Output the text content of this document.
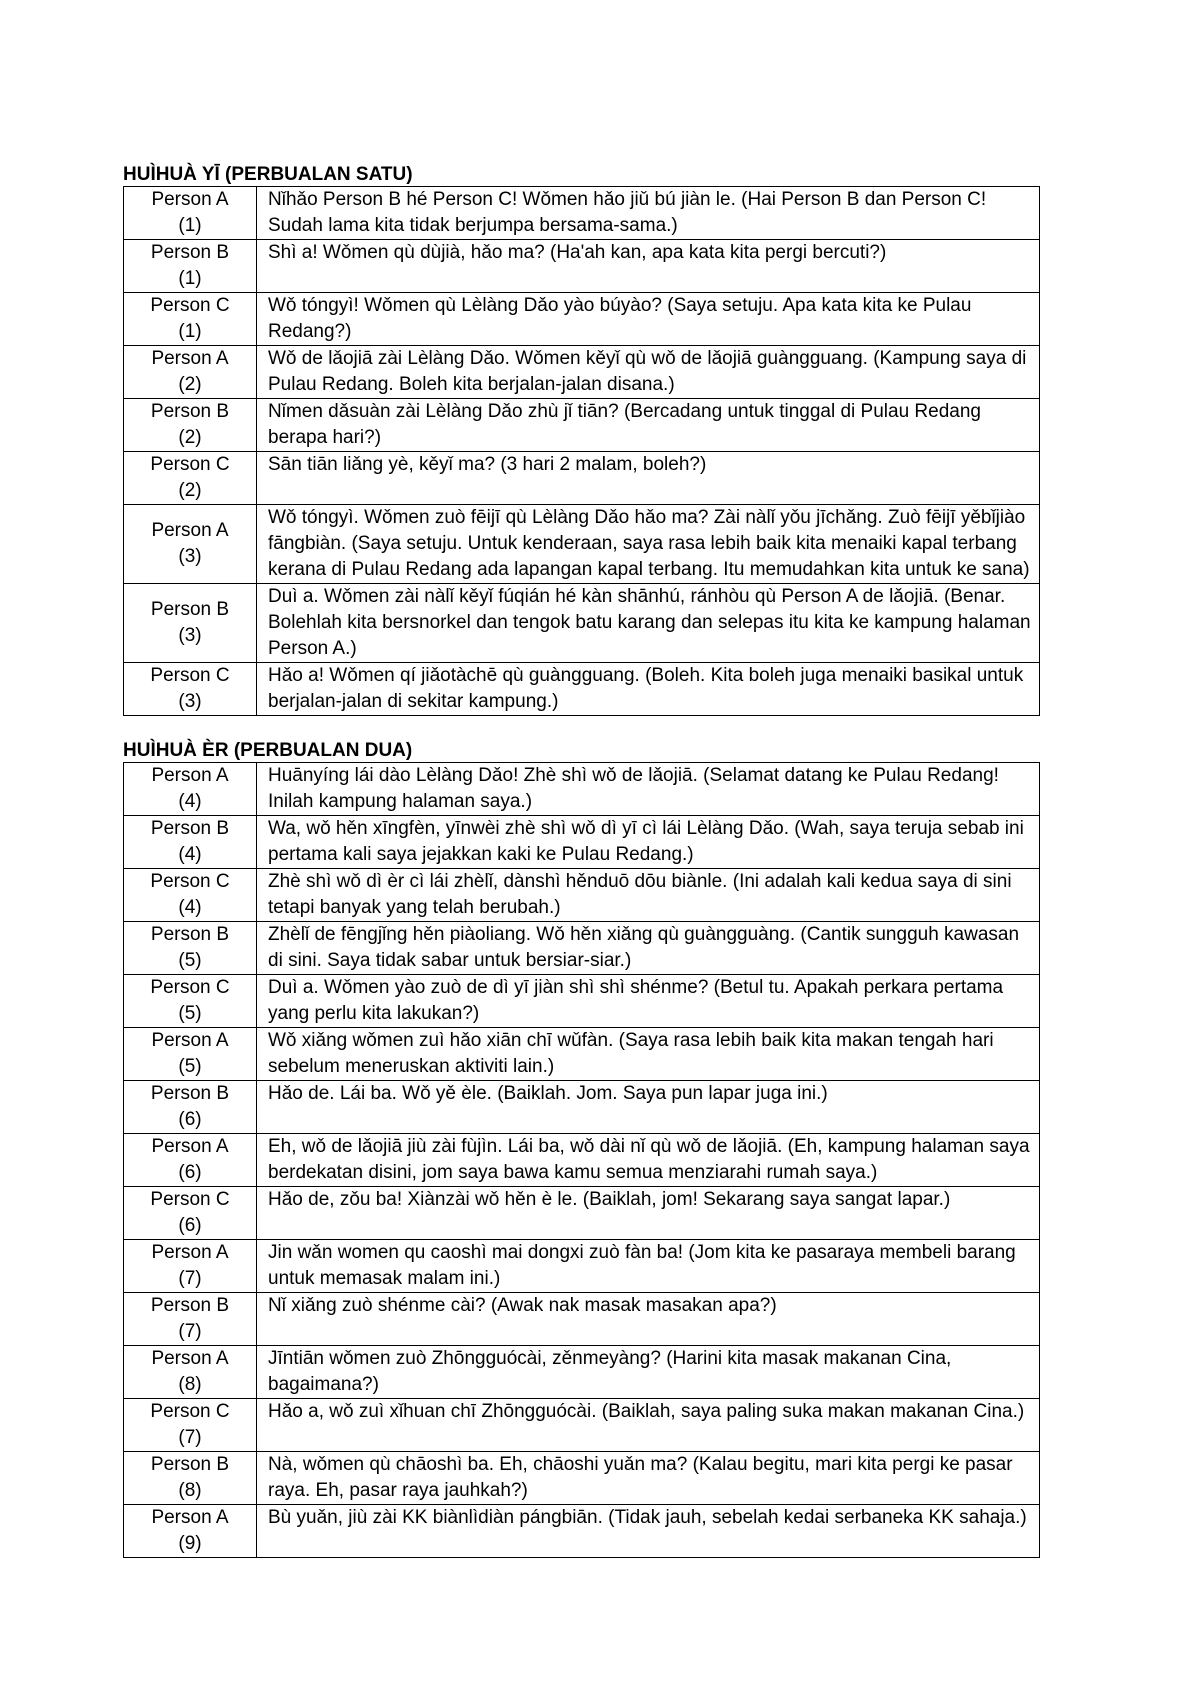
HUÌHUÀ YĪ (PERBUALAN SATU)
Person A
(1)	Nǐhǎo Person B hé Person C! Wǒmen hǎo jiǔ bú jiàn le. (Hai Person B dan Person C! Sudah lama kita tidak berjumpa bersama-sama.)

Person B
(1)	Shì a! Wǒmen qù dùjià, hǎo ma? (Ha'ah kan, apa kata kita pergi bercuti?)

Person C
(1)	Wǒ tóngyì! Wǒmen qù Lèlàng Dǎo yào búyào? (Saya setuju. Apa kata kita ke Pulau Redang?)

Person A
(2)	Wǒ de lǎojiā zài Lèlàng Dǎo. Wǒmen kěyǐ qù wǒ de lǎojiā guàngguang. (Kampung saya di Pulau Redang. Boleh kita berjalan-jalan disana.)

Person B
(2)	Nǐmen dǎsuàn zài Lèlàng Dǎo zhù jǐ tiān? (Bercadang untuk tinggal di Pulau Redang berapa hari?)

Person C
(2)	Sān tiān liǎng yè, kěyǐ ma? (3 hari 2 malam, boleh?)

Person A
(3)	Wǒ tóngyì. Wǒmen zuò fēijī qù Lèlàng Dǎo hǎo ma? Zài nàlǐ yǒu jīchǎng. Zuò fēijī yěbǐjiào fāngbiàn. (Saya setuju. Untuk kenderaan, saya rasa lebih baik kita menaiki kapal terbang kerana di Pulau Redang ada lapangan kapal terbang. Itu memudahkan kita untuk ke sana)

Person B
(3)	Duì a. Wǒmen zài nàlǐ kěyǐ fúqián hé kàn shānhú, ránhòu qù Person A de lǎojiā. (Benar. Bolehlah kita bersnorkel dan tengok batu karang dan selepas itu kita ke kampung halaman Person A.)

Person C
(3)	Hǎo a! Wǒmen qí jiǎotàchē qù guàngguang. (Boleh. Kita boleh juga menaiki basikal untuk berjalan-jalan di sekitar kampung.)
HUÌHUÀ ÈR (PERBUALAN DUA)
Person A
(4)	Huānyíng lái dào Lèlàng Dǎo! Zhè shì wǒ de lǎojiā. (Selamat datang ke Pulau Redang! Inilah kampung halaman saya.)

Person B
(4)	Wa, wǒ hěn xīngfèn, yīnwèi zhè shì wǒ dì yī cì lái Lèlàng Dǎo. (Wah, saya teruja sebab ini pertama kali saya jejakkan kaki ke Pulau Redang.)

Person C
(4)	Zhè shì wǒ dì èr cì lái zhèlǐ, dànshì hěnduō dōu biànle. (Ini adalah kali kedua saya di sini tetapi banyak yang telah berubah.)

Person B
(5)	Zhèlǐ de fēngjǐng hěn piàoliang. Wǒ hěn xiǎng qù guàngguàng. (Cantik sungguh kawasan di sini. Saya tidak sabar untuk bersiar-siar.)

Person C
(5)	Duì a. Wǒmen yào zuò de dì yī jiàn shì shì shénme? (Betul tu. Apakah perkara pertama yang perlu kita lakukan?)

Person A
(5)	Wǒ xiǎng wǒmen zuì hǎo xiān chī wǔfàn. (Saya rasa lebih baik kita makan tengah hari sebelum meneruskan aktiviti lain.)

Person B
(6)	Hǎo de. Lái ba. Wǒ yě èle. (Baiklah. Jom. Saya pun lapar juga ini.)

Person A
(6)	Eh, wǒ de lǎojiā jiù zài fùjìn. Lái ba, wǒ dài nǐ qù wǒ de lǎojiā. (Eh, kampung halaman saya berdekatan disini, jom saya bawa kamu semua menziarahi rumah saya.)

Person C
(6)	Hǎo de, zǒu ba! Xiànzài wǒ hěn è le. (Baiklah, jom! Sekarang saya sangat lapar.)

Person A
(7)	Jin wǎn women qu caoshì mai dongxi zuò fàn ba! (Jom kita ke pasaraya membeli barang untuk memasak malam ini.)

Person B
(7)	Nǐ xiǎng zuò shénme cài? (Awak nak masak masakan apa?)

Person A
(8)	Jīntiān wǒmen zuò Zhōngguócài, zěnmeyàng? (Harini kita masak makanan Cina, bagaimana?)

Person C
(7)	Hǎo a, wǒ zuì xǐhuan chī Zhōngguócài. (Baiklah, saya paling suka makan makanan Cina.)

Person B
(8)	Nà, wǒmen qù chāoshì ba. Eh, chāoshi yuǎn ma? (Kalau begitu, mari kita pergi ke pasar raya. Eh, pasar raya jauhkah?)

Person A
(9)	Bù yuǎn, jiù zài KK biànlìdiàn pángbiān. (Tidak jauh, sebelah kedai serbaneka KK sahaja.)
